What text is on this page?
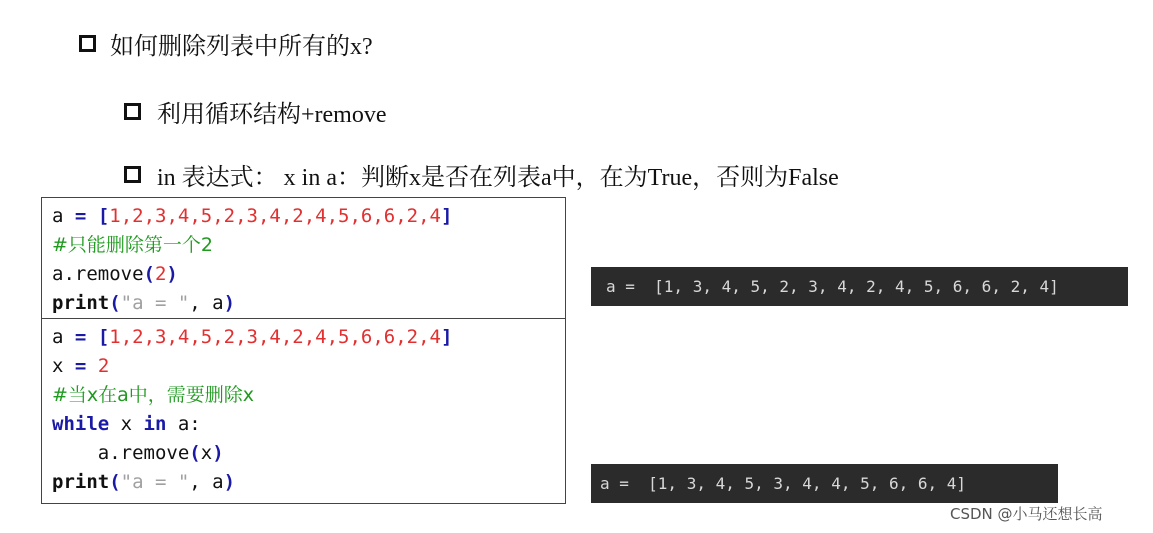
如何删除列表中所有的x?
利用循环结构+remove
in 表达式： x in a：判断x是否在列表a中，在为True，否则为False
a = [1,2,3,4,5,2,3,4,2,4,5,6,6,2,4]
#只能删除第一个2
a.remove(2)
print("a = ", a)
a = [1,2,3,4,5,2,3,4,2,4,5,6,6,2,4]
x = 2
#当x在a中，需要删除x
while x in a:
a.remove(x)
print("a = ", a)
a =  [1, 3, 4, 5, 2, 3, 4, 2, 4, 5, 6, 6, 2, 4]
a =  [1, 3, 4, 5, 3, 4, 4, 5, 6, 6, 4]
CSDN @小马还想长高
